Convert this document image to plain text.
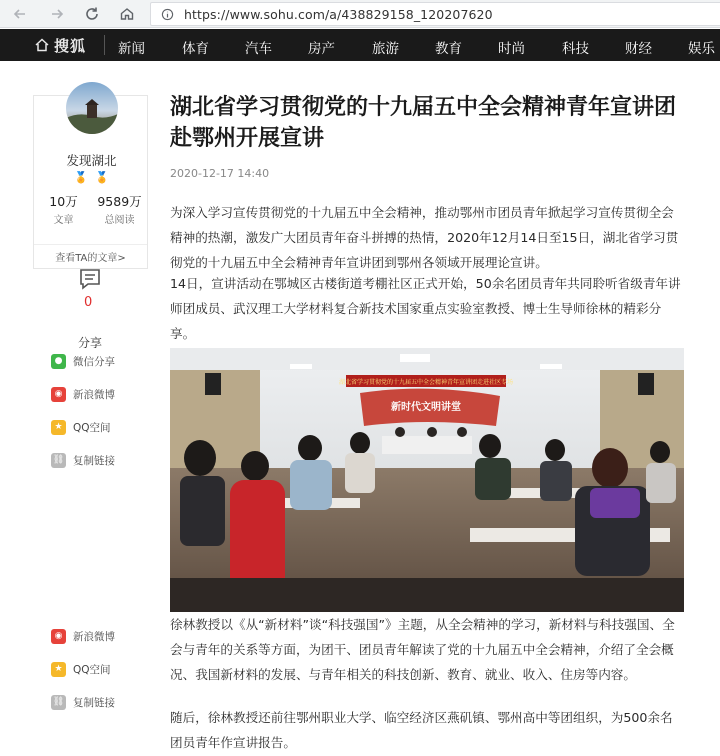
https://www.sohu.com/a/438829158_120207620
搜狐 新闻	体育	汽车	房产	旅游	教育	时尚	科技	财经	娱乐
发现湖北
🏅 🏅
10万
文章
9589万
总阅读
查看TA的文章>
0
分享
●	微信分享
◉	新浪微博
★ QQ空间
⛓ 复制链接
◉	新浪微博
★ QQ空间
⛓ 复制链接
湖北省学习贯彻党的十九届五中全会精神青年宣讲团赴鄂州开展宣讲
2020-12-17 14:40
为深入学习宣传贯彻党的十九届五中全会精神，推动鄂州市团员青年掀起学习宣传贯彻全会精神的热潮，激发广大团员青年奋斗拼搏的热情，2020年12月14日至15日，湖北省学习贯彻党的十九届五中全会精神青年宣讲团到鄂州各领域开展理论宣讲。
14日，宣讲活动在鄂城区古楼街道考棚社区正式开始，50余名团员青年共同聆听省级青年讲师团成员、武汉理工大学材料复合新技术国家重点实验室教授、博士生导师徐林的精彩分享。
湖北省学习贯彻党的十九届五中全会精神青年宣讲团走进社区专场
新时代文明讲堂
徐林教授以《从“新材料”谈“科技强国”》主题，从全会精神的学习，新材料与科技强国、全会与青年的关系等方面，为团干、团员青年解读了党的十九届五中全会精神，介绍了全会概况、我国新材料的发展、与青年相关的科技创新、教育、就业、收入、住房等内容。
随后，徐林教授还前往鄂州职业大学、临空经济区燕矶镇、鄂州高中等团组织，为500余名团员青年作宣讲报告。
